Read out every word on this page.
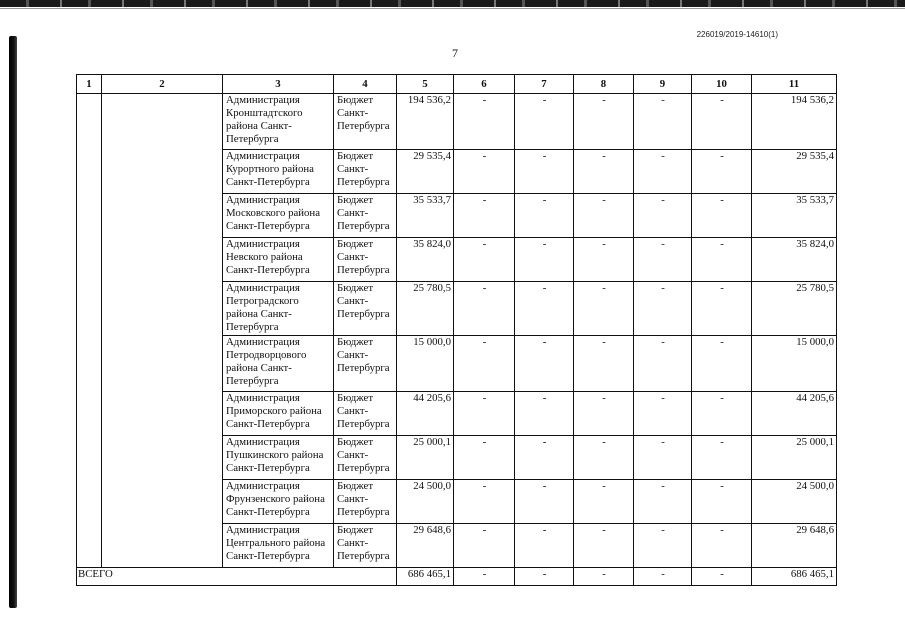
226019/2019-14610(1)
7
1	2	3	4	5	6	7	8	9	10	11
		Администрация Кронштадтского района Санкт-Петербурга	Бюджет Санкт-Петербурга	194 536,2	-	-	-	-	-	194 536,2
		Администрация Курортного района Санкт-Петербурга	Бюджет Санкт-Петербурга	29 535,4	-	-	-	-	-	29 535,4
		Администрация Московского района Санкт-Петербурга	Бюджет Санкт-Петербурга	35 533,7	-	-	-	-	-	35 533,7
		Администрация Невского района Санкт-Петербурга	Бюджет Санкт-Петербурга	35 824,0	-	-	-	-	-	35 824,0
		Администрация Петроградского района Санкт-Петербурга	Бюджет Санкт-Петербурга	25 780,5	-	-	-	-	-	25 780,5
		Администрация Петродворцового района Санкт-Петербурга	Бюджет Санкт-Петербурга	15 000,0	-	-	-	-	-	15 000,0
		Администрация Приморского района Санкт-Петербурга	Бюджет Санкт-Петербурга	44 205,6	-	-	-	-	-	44 205,6
		Администрация Пушкинского района Санкт-Петербурга	Бюджет Санкт-Петербурга	25 000,1	-	-	-	-	-	25 000,1
		Администрация Фрунзенского района Санкт-Петербурга	Бюджет Санкт-Петербурга	24 500,0	-	-	-	-	-	24 500,0
		Администрация Центрального района Санкт-Петербурга	Бюджет Санкт-Петербурга	29 648,6	-	-	-	-	-	29 648,6
ВСЕГО				686 465,1	-	-	-	-	-	686 465,1
